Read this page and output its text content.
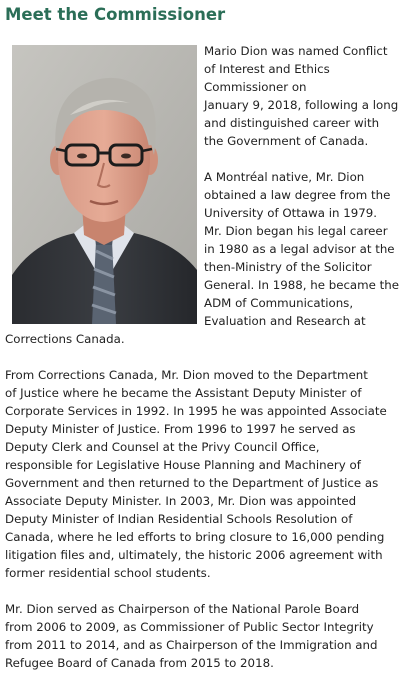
Meet the Commissioner

Mario Dion was named Conflict

of Interest and Ethics

Commissioner on

January 9, 2018, following a long

and distinguished career with

the Government of Canada.

A Montréal native, Mr. Dion

obtained a law degree from the

University of Ottawa in 1979.

Mr. Dion began his legal career

in 1980 as a legal advisor at the

then-Ministry of the Solicitor

General. In 1988, he became the

ADM of Communications,

Evaluation and Research at

Corrections Canada.

From Corrections Canada, Mr. Dion moved to the Department

of Justice where he became the Assistant Deputy Minister of

Corporate Services in 1992. In 1995 he was appointed Associate

Deputy Minister of Justice. From 1996 to 1997 he served as

Deputy Clerk and Counsel at the Privy Council Office,

responsible for Legislative House Planning and Machinery of

Government and then returned to the Department of Justice as

Associate Deputy Minister. In 2003, Mr. Dion was appointed

Deputy Minister of Indian Residential Schools Resolution of

Canada, where he led efforts to bring closure to 16,000 pending

litigation files and, ultimately, the historic 2006 agreement with

former residential school students.

Mr. Dion served as Chairperson of the National Parole Board

from 2006 to 2009, as Commissioner of Public Sector Integrity

from 2011 to 2014, and as Chairperson of the Immigration and

Refugee Board of Canada from 2015 to 2018.
